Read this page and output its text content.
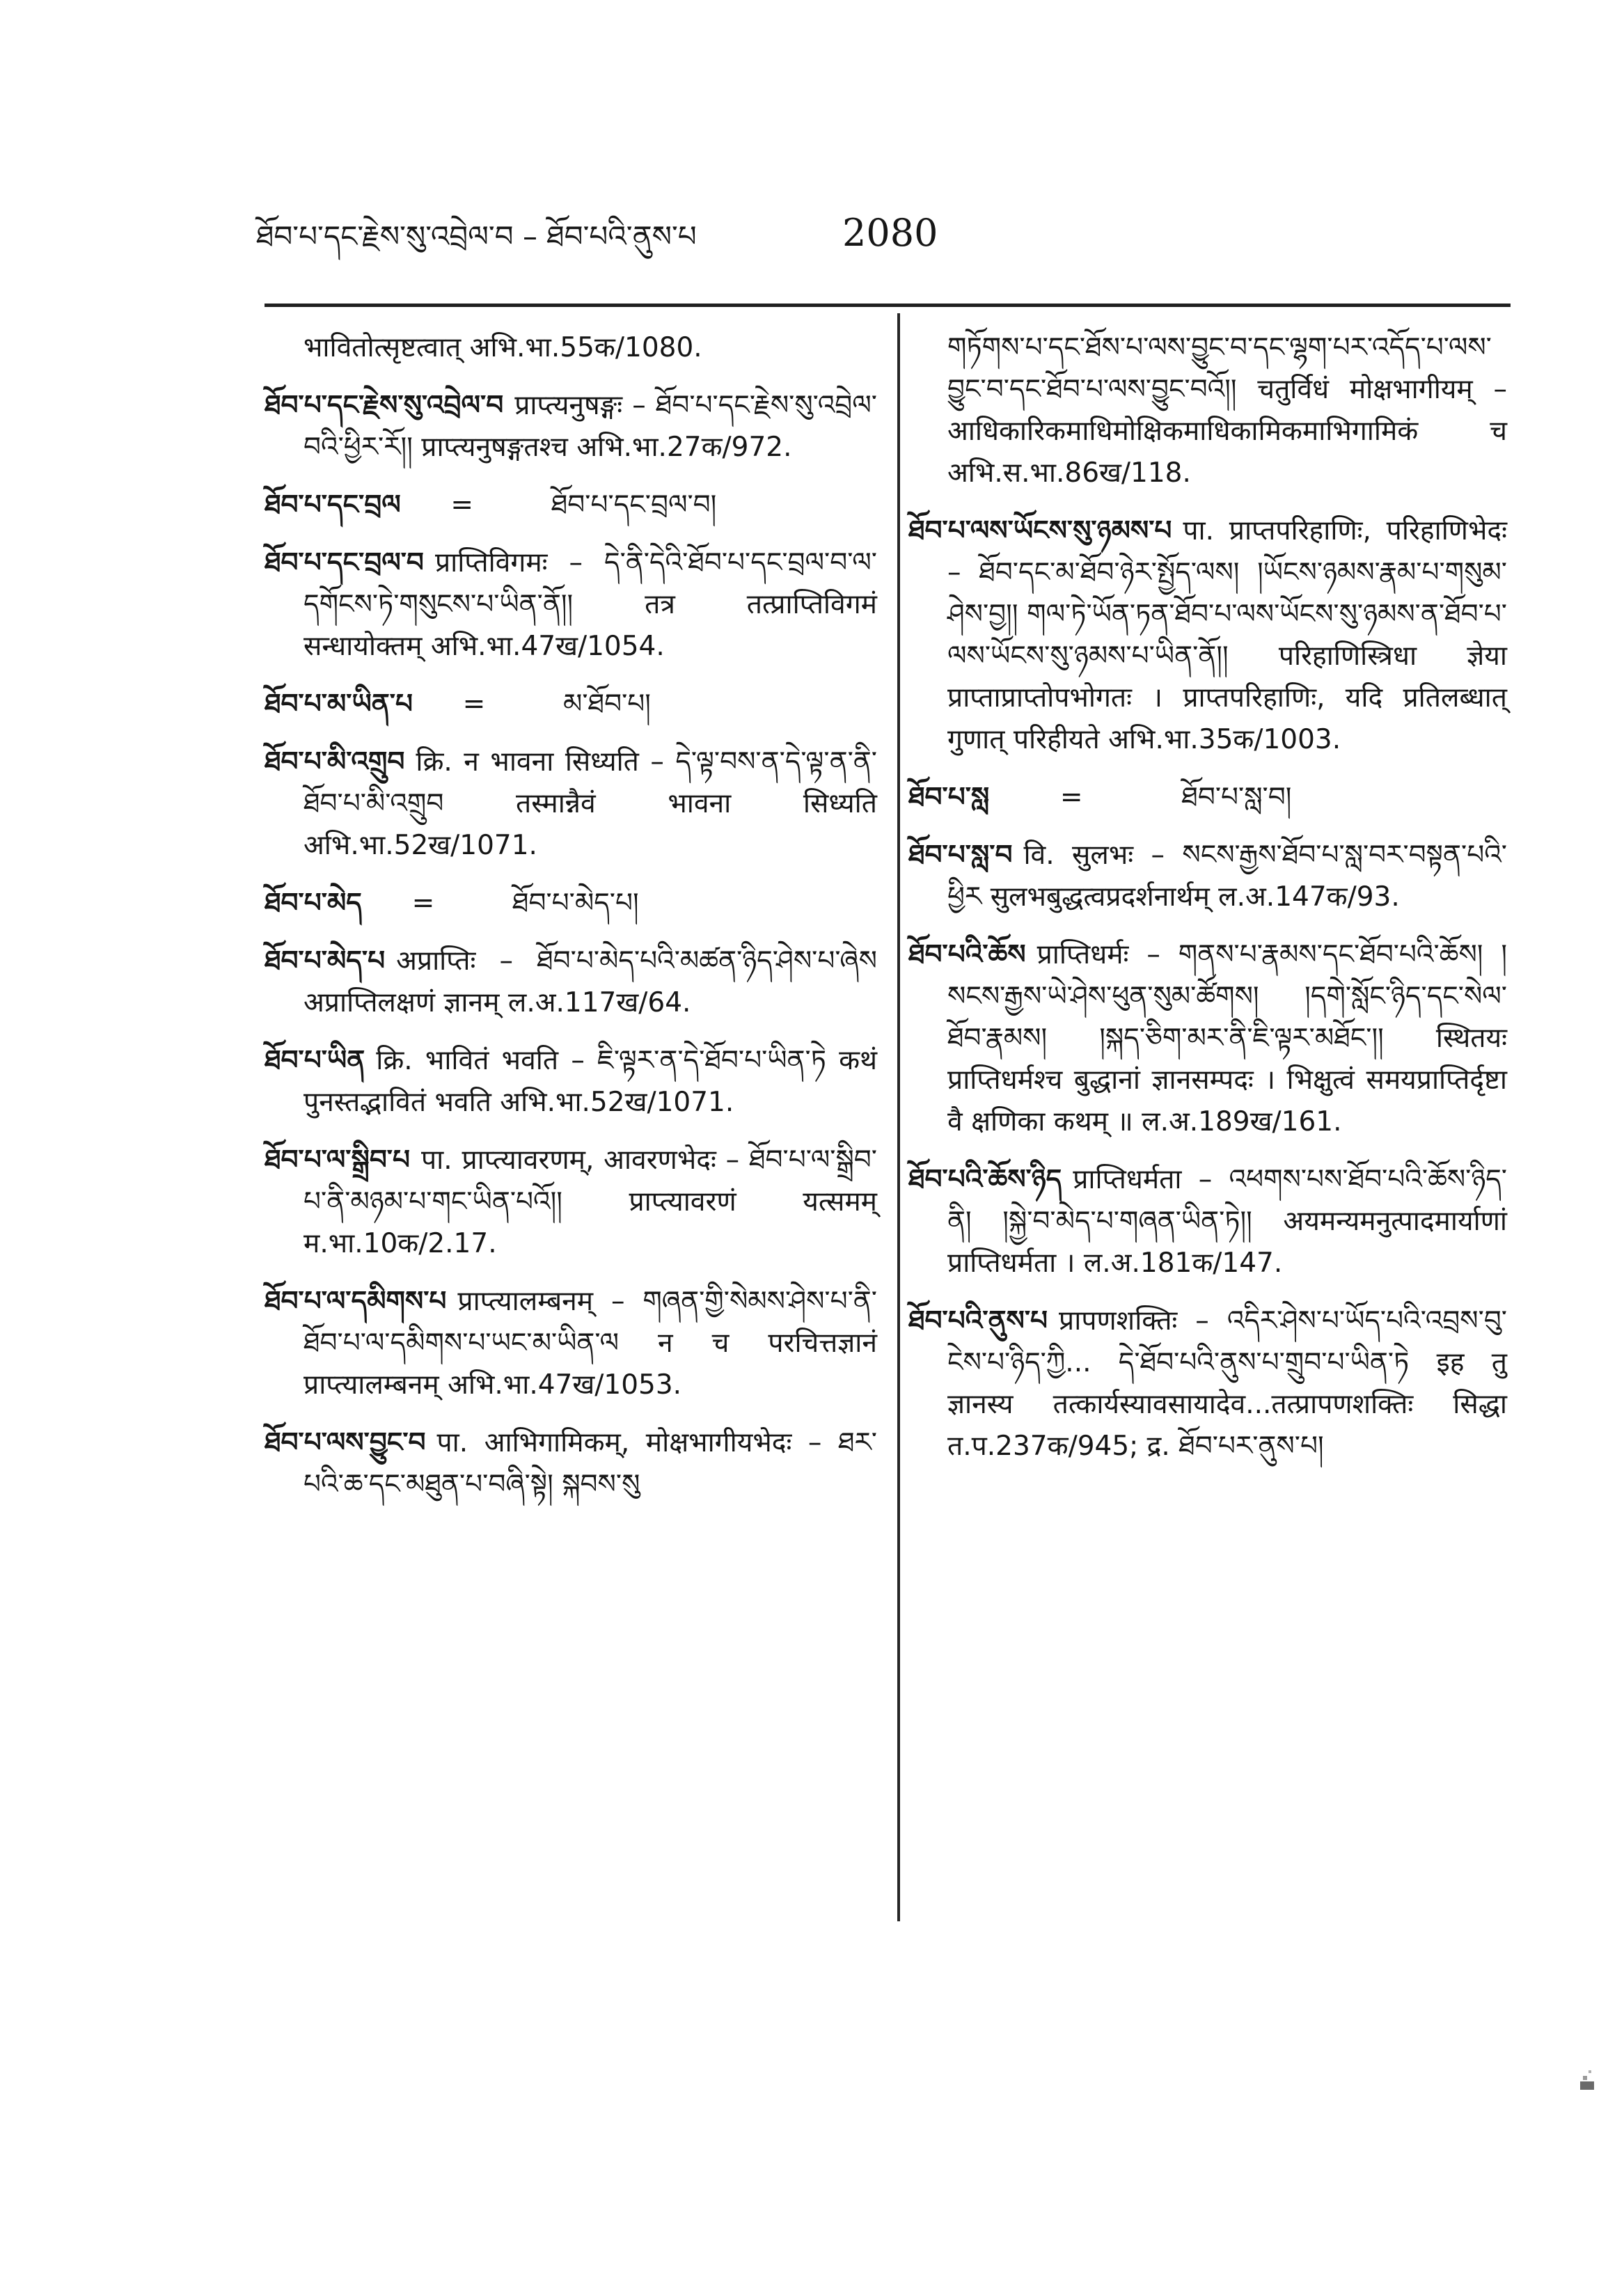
ཐོབ་པ་དང་རྗེས་སུ་འབྲེལ་བ – ཐོབ་པའི་ནུས་པ	2080
भावितोत्सृष्टत्वात् अभि.भा.55क/1080.
ཐོབ་པ་དང་རྗེས་སུ་འབྲེལ་བ प्राप्त्यनुषङ्गः – ཐོབ་པ་དང་རྗེས་སུ་འབྲེལ་བའི་ཕྱིར་རོ།། प्राप्त्यनुषङ्गतश्च अभि.भा.27क/972.
ཐོབ་པ་དང་བྲལ =	ཐོབ་པ་དང་བྲལ་བ།
ཐོབ་པ་དང་བྲལ་བ प्राप्तिविगमः – དེ་ནི་དེའི་ཐོབ་པ་དང་བྲལ་བ་ལ་དགོངས་ཏེ་གསུངས་པ་ཡིན་ནོ།། तत्र तत्प्राप्तिविगमं सन्धायोक्तम् अभि.भा.47ख/1054.
ཐོབ་པ་མ་ཡིན་པ =	མ་ཐོབ་པ།
ཐོབ་པ་མི་འགྲུབ क्रि. न भावना सिध्यति – དེ་ལྟ་བས་ན་དེ་ལྟ་ན་ནི་ཐོབ་པ་མི་འགྲུབ तस्मान्नैवं भावना सिध्यति अभि.भा.52ख/1071.
ཐོབ་པ་མེད =	ཐོབ་པ་མེད་པ།
ཐོབ་པ་མེད་པ अप्राप्तिः – ཐོབ་པ་མེད་པའི་མཚན་ཉིད་ཤེས་པ་ཞེས अप्राप्तिलक्षणं ज्ञानम् ल.अ.117ख/64.
ཐོབ་པ་ཡིན क्रि. भावितं भवति – ཇི་ལྟར་ན་དེ་ཐོབ་པ་ཡིན་ཏེ कथं पुनस्तद्भावितं भवति अभि.भा.52ख/1071.
ཐོབ་པ་ལ་སྒྲིབ་པ पा. प्राप्त्यावरणम्, आवरणभेदः – ཐོབ་པ་ལ་སྒྲིབ་པ་ནི་མཉམ་པ་གང་ཡིན་པའོ།། प्राप्त्यावरणं यत्समम् म.भा.10क/2.17.
ཐོབ་པ་ལ་དམིགས་པ प्राप्त्यालम्बनम् – གཞན་གྱི་སེམས་ཤེས་པ་ནི་ཐོབ་པ་ལ་དམིགས་པ་ཡང་མ་ཡིན་ལ न च परचित्तज्ञानं प्राप्त्यालम्बनम् अभि.भा.47ख/1053.
ཐོབ་པ་ལས་བྱུང་བ पा. आभिगामिकम्, मोक्षभागीयभेदः – ཐར་པའི་ཆ་དང་མཐུན་པ་བཞི་སྟེ། སྐབས་སུ
གཏོགས་པ་དང་ཐོས་པ་ལས་བྱུང་བ་དང་ལྷག་པར་འདོད་པ་ལས་བྱུང་བ་དང་ཐོབ་པ་ལས་བྱུང་བའོ།། चतुर्विधं मोक्षभागीयम् – आधिकारिकमाधिमोक्षिकमाधिकामिकमाभिगामिकं च अभि.स.भा.86ख/118.
ཐོབ་པ་ལས་ཡོངས་སུ་ཉམས་པ पा. प्राप्तपरिहाणिः, परिहाणिभेदः – ཐོབ་དང་མ་ཐོབ་ཉེར་སྤྱོད་ལས། །ཡོངས་ཉམས་རྣམ་པ་གསུམ་ཤེས་བྱ།། གལ་ཏེ་ཡོན་ཏན་ཐོབ་པ་ལས་ཡོངས་སུ་ཉམས་ན་ཐོབ་པ་ལས་ཡོངས་སུ་ཉམས་པ་ཡིན་ནོ།། परिहाणिस्त्रिधा ज्ञेया प्राप्ताप्राप्तोपभोगतः । प्राप्तपरिहाणिः, यदि प्रतिलब्धात् गुणात् परिहीयते अभि.भा.35क/1003.
ཐོབ་པ་སླ	=	ཐོབ་པ་སླ་བ།
ཐོབ་པ་སླ་བ वि. सुलभः – སངས་རྒྱས་ཐོབ་པ་སླ་བར་བསྟན་པའི་ཕྱིར सुलभबुद्धत्वप्रदर्शनार्थम् ल.अ.147क/93.
ཐོབ་པའི་ཆོས प्राप्तिधर्मः – གནས་པ་རྣམས་དང་ཐོབ་པའི་ཆོས། །སངས་རྒྱས་ཡེ་ཤེས་ཕུན་སུམ་ཚོགས། །དགེ་སློང་ཉིད་དང་སེལ་ཐོབ་རྣམས། །སྐད་ཅིག་མར་ནི་ཇི་ལྟར་མཐོང་།། स्थितयः प्राप्तिधर्मश्च बुद्धानां ज्ञानसम्पदः । भिक्षुत्वं समयप्राप्तिर्दृष्टा वै क्षणिका कथम् ॥ ल.अ.189ख/161.
ཐོབ་པའི་ཆོས་ཉིད प्राप्तिधर्मता – འཕགས་པས་ཐོབ་པའི་ཆོས་ཉིད་ནི། །སྐྱེ་བ་མེད་པ་གཞན་ཡིན་ཏེ།། अयमन्यमनुत्पादमार्याणां प्राप्तिधर्मता । ल.अ.181क/147.
ཐོབ་པའི་ནུས་པ प्रापणशक्तिः – འདིར་ཤེས་པ་ཡོད་པའི་འབྲས་བུ་ངེས་པ་ཉིད་ཀྱི... དེ་ཐོབ་པའི་ནུས་པ་གྲུབ་པ་ཡིན་ཏེ इह तु ज्ञानस्य तत्कार्यस्यावसायादेव...तत्प्रापणशक्तिः सिद्धा त.प.237क/945; द्र. ཐོབ་པར་ནུས་པ།
